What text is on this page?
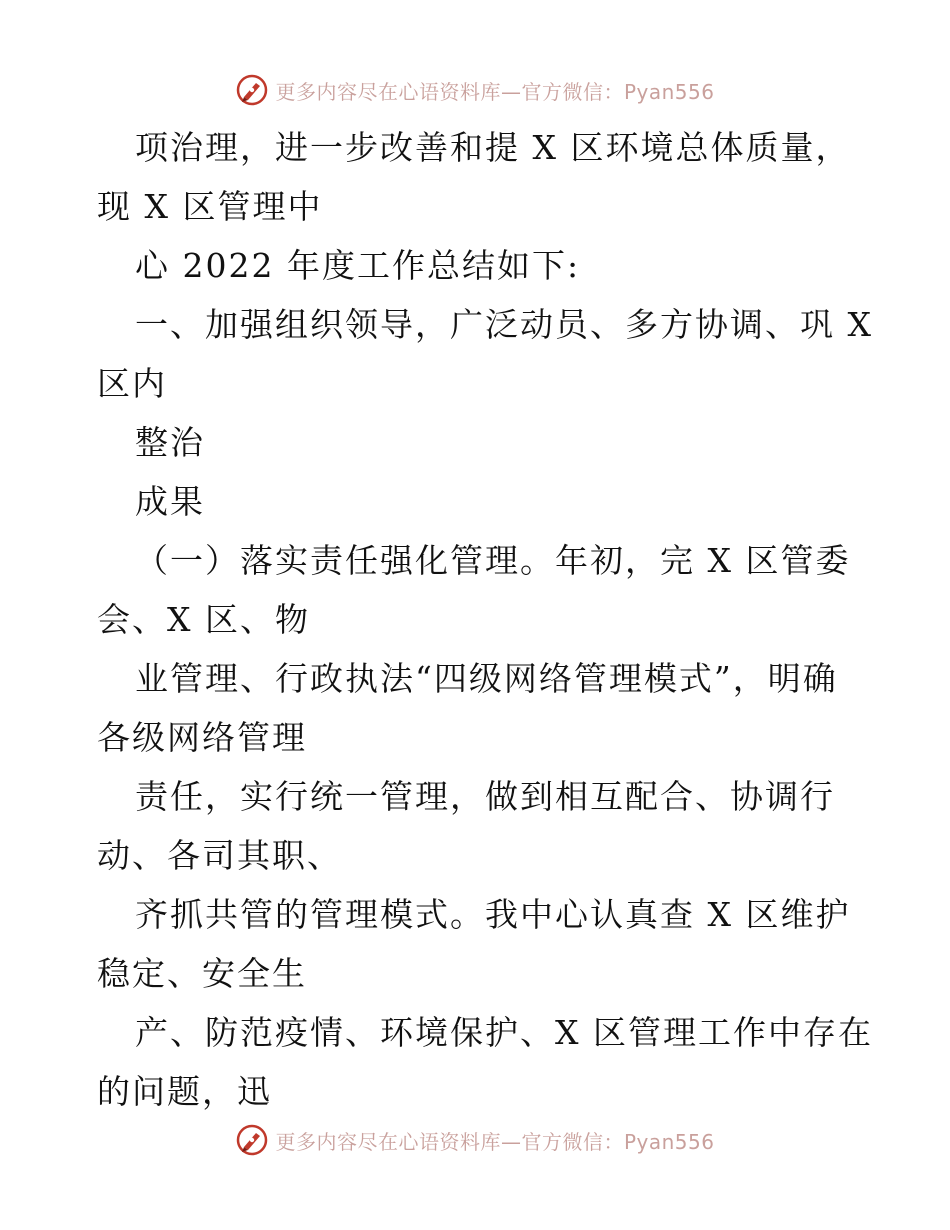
更多内容尽在心语资料库—官方微信：Pyan556
项治理，进一步改善和提 X 区环境总体质量，
现 X 区管理中
心 2022 年度工作总结如下:
一、加强组织领导，广泛动员、多方协调、巩 X
区内
整治
成果
（一）落实责任强化管理。年初，完 X 区管委
会、X 区、物
业管理、行政执法“四级网络管理模式”，明确
各级网络管理
责任，实行统一管理，做到相互配合、协调行
动、各司其职、
齐抓共管的管理模式。我中心认真查 X 区维护
稳定、安全生
产、防范疫情、环境保护、X 区管理工作中存在
的问题，迅
更多内容尽在心语资料库—官方微信：Pyan556
